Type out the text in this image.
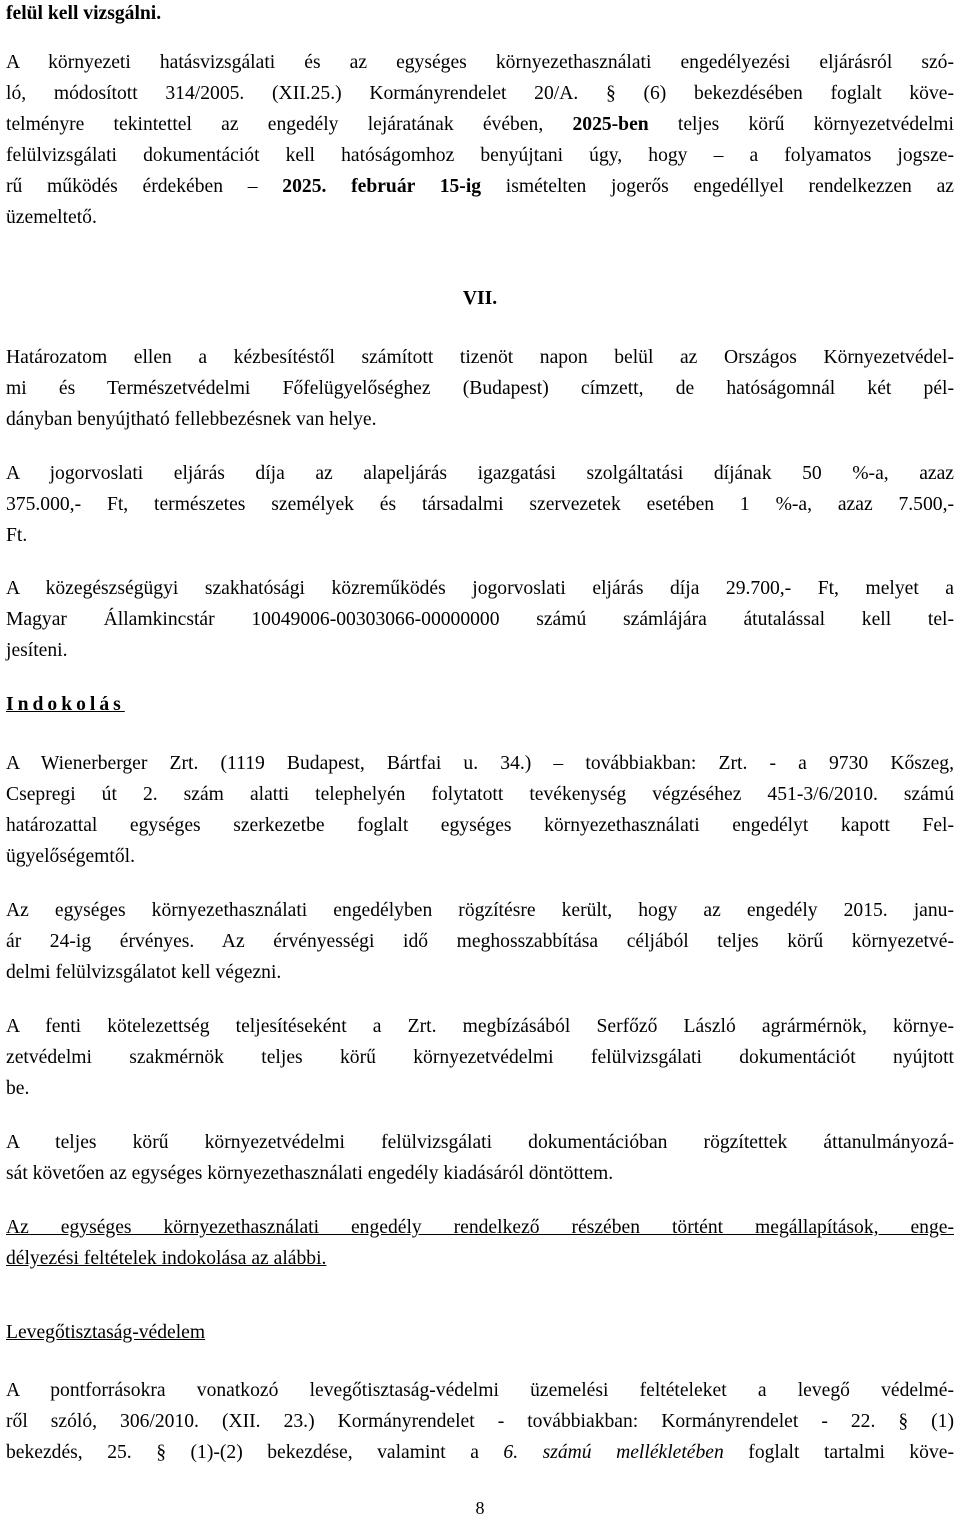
felül kell vizsgálni.

A környezeti hatásvizsgálati és az egységes környezethasználati engedélyezési eljárásról szó-

ló, módosított 314/2005. (XII.25.) Kormányrendelet 20/A. § (6) bekezdésében foglalt köve-

telményre tekintettel az engedély lejáratának évében, 2025-ben teljes körű környezetvédelmi

felülvizsgálati dokumentációt kell hatóságomhoz benyújtani úgy, hogy – a folyamatos jogsze-

rű működés érdekében – 2025. február 15-ig ismételten jogerős engedéllyel rendelkezzen az

üzemeltető.

VII.

Határozatom ellen a kézbesítéstől számított tizenöt napon belül az Országos Környezetvédel-

mi és Természetvédelmi Főfelügyelőséghez (Budapest) címzett, de hatóságomnál két pél-

dányban benyújtható fellebbezésnek van helye.

A jogorvoslati eljárás díja az alapeljárás igazgatási szolgáltatási díjának 50 %-a, azaz

375.000,- Ft, természetes személyek és társadalmi szervezetek esetében 1 %-a, azaz 7.500,-

Ft.

A közegészségügyi szakhatósági közreműködés jogorvoslati eljárás díja 29.700,- Ft, melyet a

Magyar Államkincstár 10049006-00303066-00000000 számú számlájára átutalással kell tel-

jesíteni.

Indokolás

A Wienerberger Zrt. (1119 Budapest, Bártfai u. 34.) – továbbiakban: Zrt. - a 9730 Kőszeg,

Csepregi út 2. szám alatti telephelyén folytatott tevékenység végzéséhez 451-3/6/2010. számú

határozattal egységes szerkezetbe foglalt egységes környezethasználati engedélyt kapott Fel-

ügyelőségemtől.

Az egységes környezethasználati engedélyben rögzítésre került, hogy az engedély 2015. janu-

ár 24-ig érvényes. Az érvényességi idő meghosszabbítása céljából teljes körű környezetvé-

delmi felülvizsgálatot kell végezni.

A fenti kötelezettség teljesítéseként a Zrt. megbízásából Serfőző László agrármérnök, környe-

zetvédelmi szakmérnök teljes körű környezetvédelmi felülvizsgálati dokumentációt nyújtott

be.

A teljes körű környezetvédelmi felülvizsgálati dokumentációban rögzítettek áttanulmányozá-

sát követően az egységes környezethasználati engedély kiadásáról döntöttem.

Az egységes környezethasználati engedély rendelkező részében történt megállapítások, enge-

délyezési feltételek indokolása az alábbi.

Levegőtisztaság-védelem

A pontforrásokra vonatkozó levegőtisztaság-védelmi üzemelési feltételeket a levegő védelmé-

ről szóló, 306/2010. (XII. 23.) Kormányrendelet - továbbiakban: Kormányrendelet - 22. § (1)

bekezdés, 25. § (1)-(2) bekezdése, valamint a 6. számú mellékletében foglalt tartalmi köve-

8
